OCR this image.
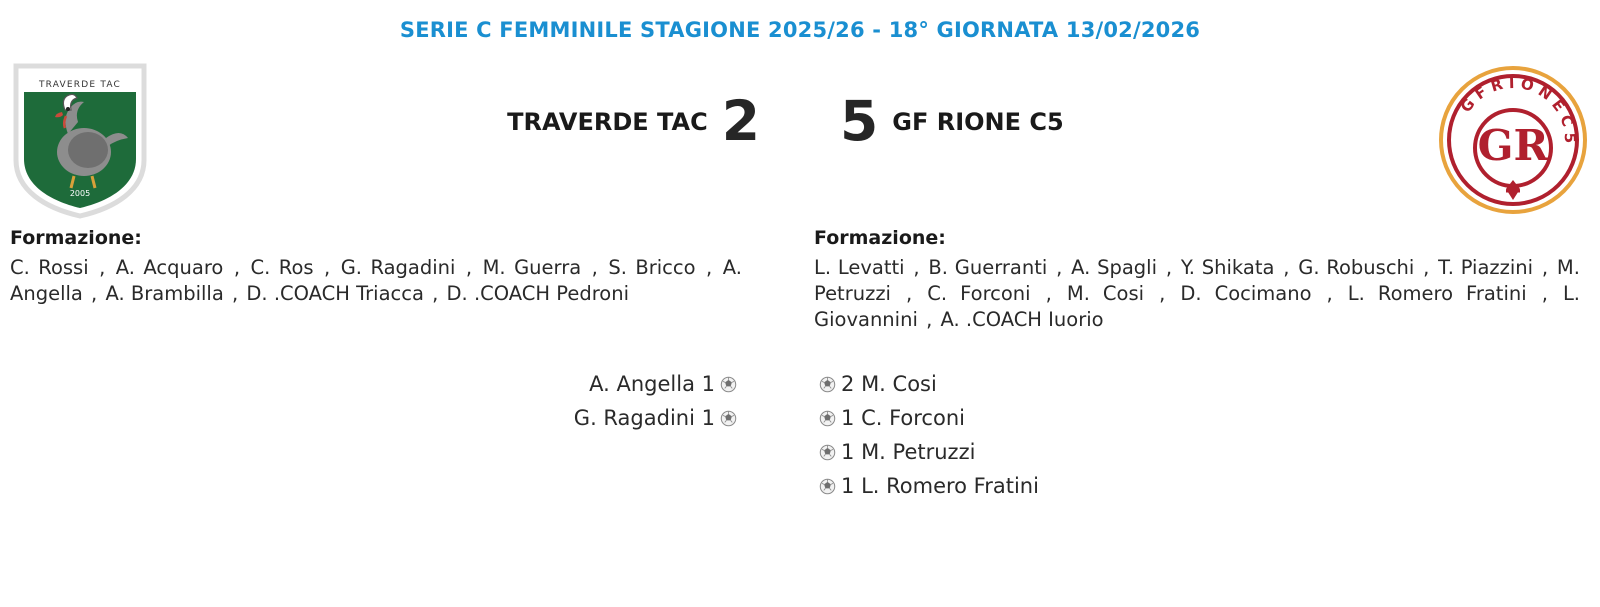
SERIE C FEMMINILE STAGIONE 2025/26 - 18° GIORNATA 13/02/2026
TRAVERDE TAC
2005
TRAVERDE TAC 2	5 GF RIONE C5
G F R I O N E C 5
GR
Formazione:
C. Rossi , A. Acquaro , C. Ros , G. Ragadini , M. Guerra , S. Bricco , A. Angella , A. Brambilla , D. .COACH Triacca , D. .COACH Pedroni
Formazione:
L. Levatti , B. Guerranti , A. Spagli , Y. Shikata , G. Robuschi , T. Piazzini , M. Petruzzi , C. Forconi , M. Cosi , D. Cocimano , L. Romero Fratini , L. Giovannini , A. .COACH Iuorio
A. Angella 1
G. Ragadini 1
2 M. Cosi
1 C. Forconi
1 M. Petruzzi
1 L. Romero Fratini
